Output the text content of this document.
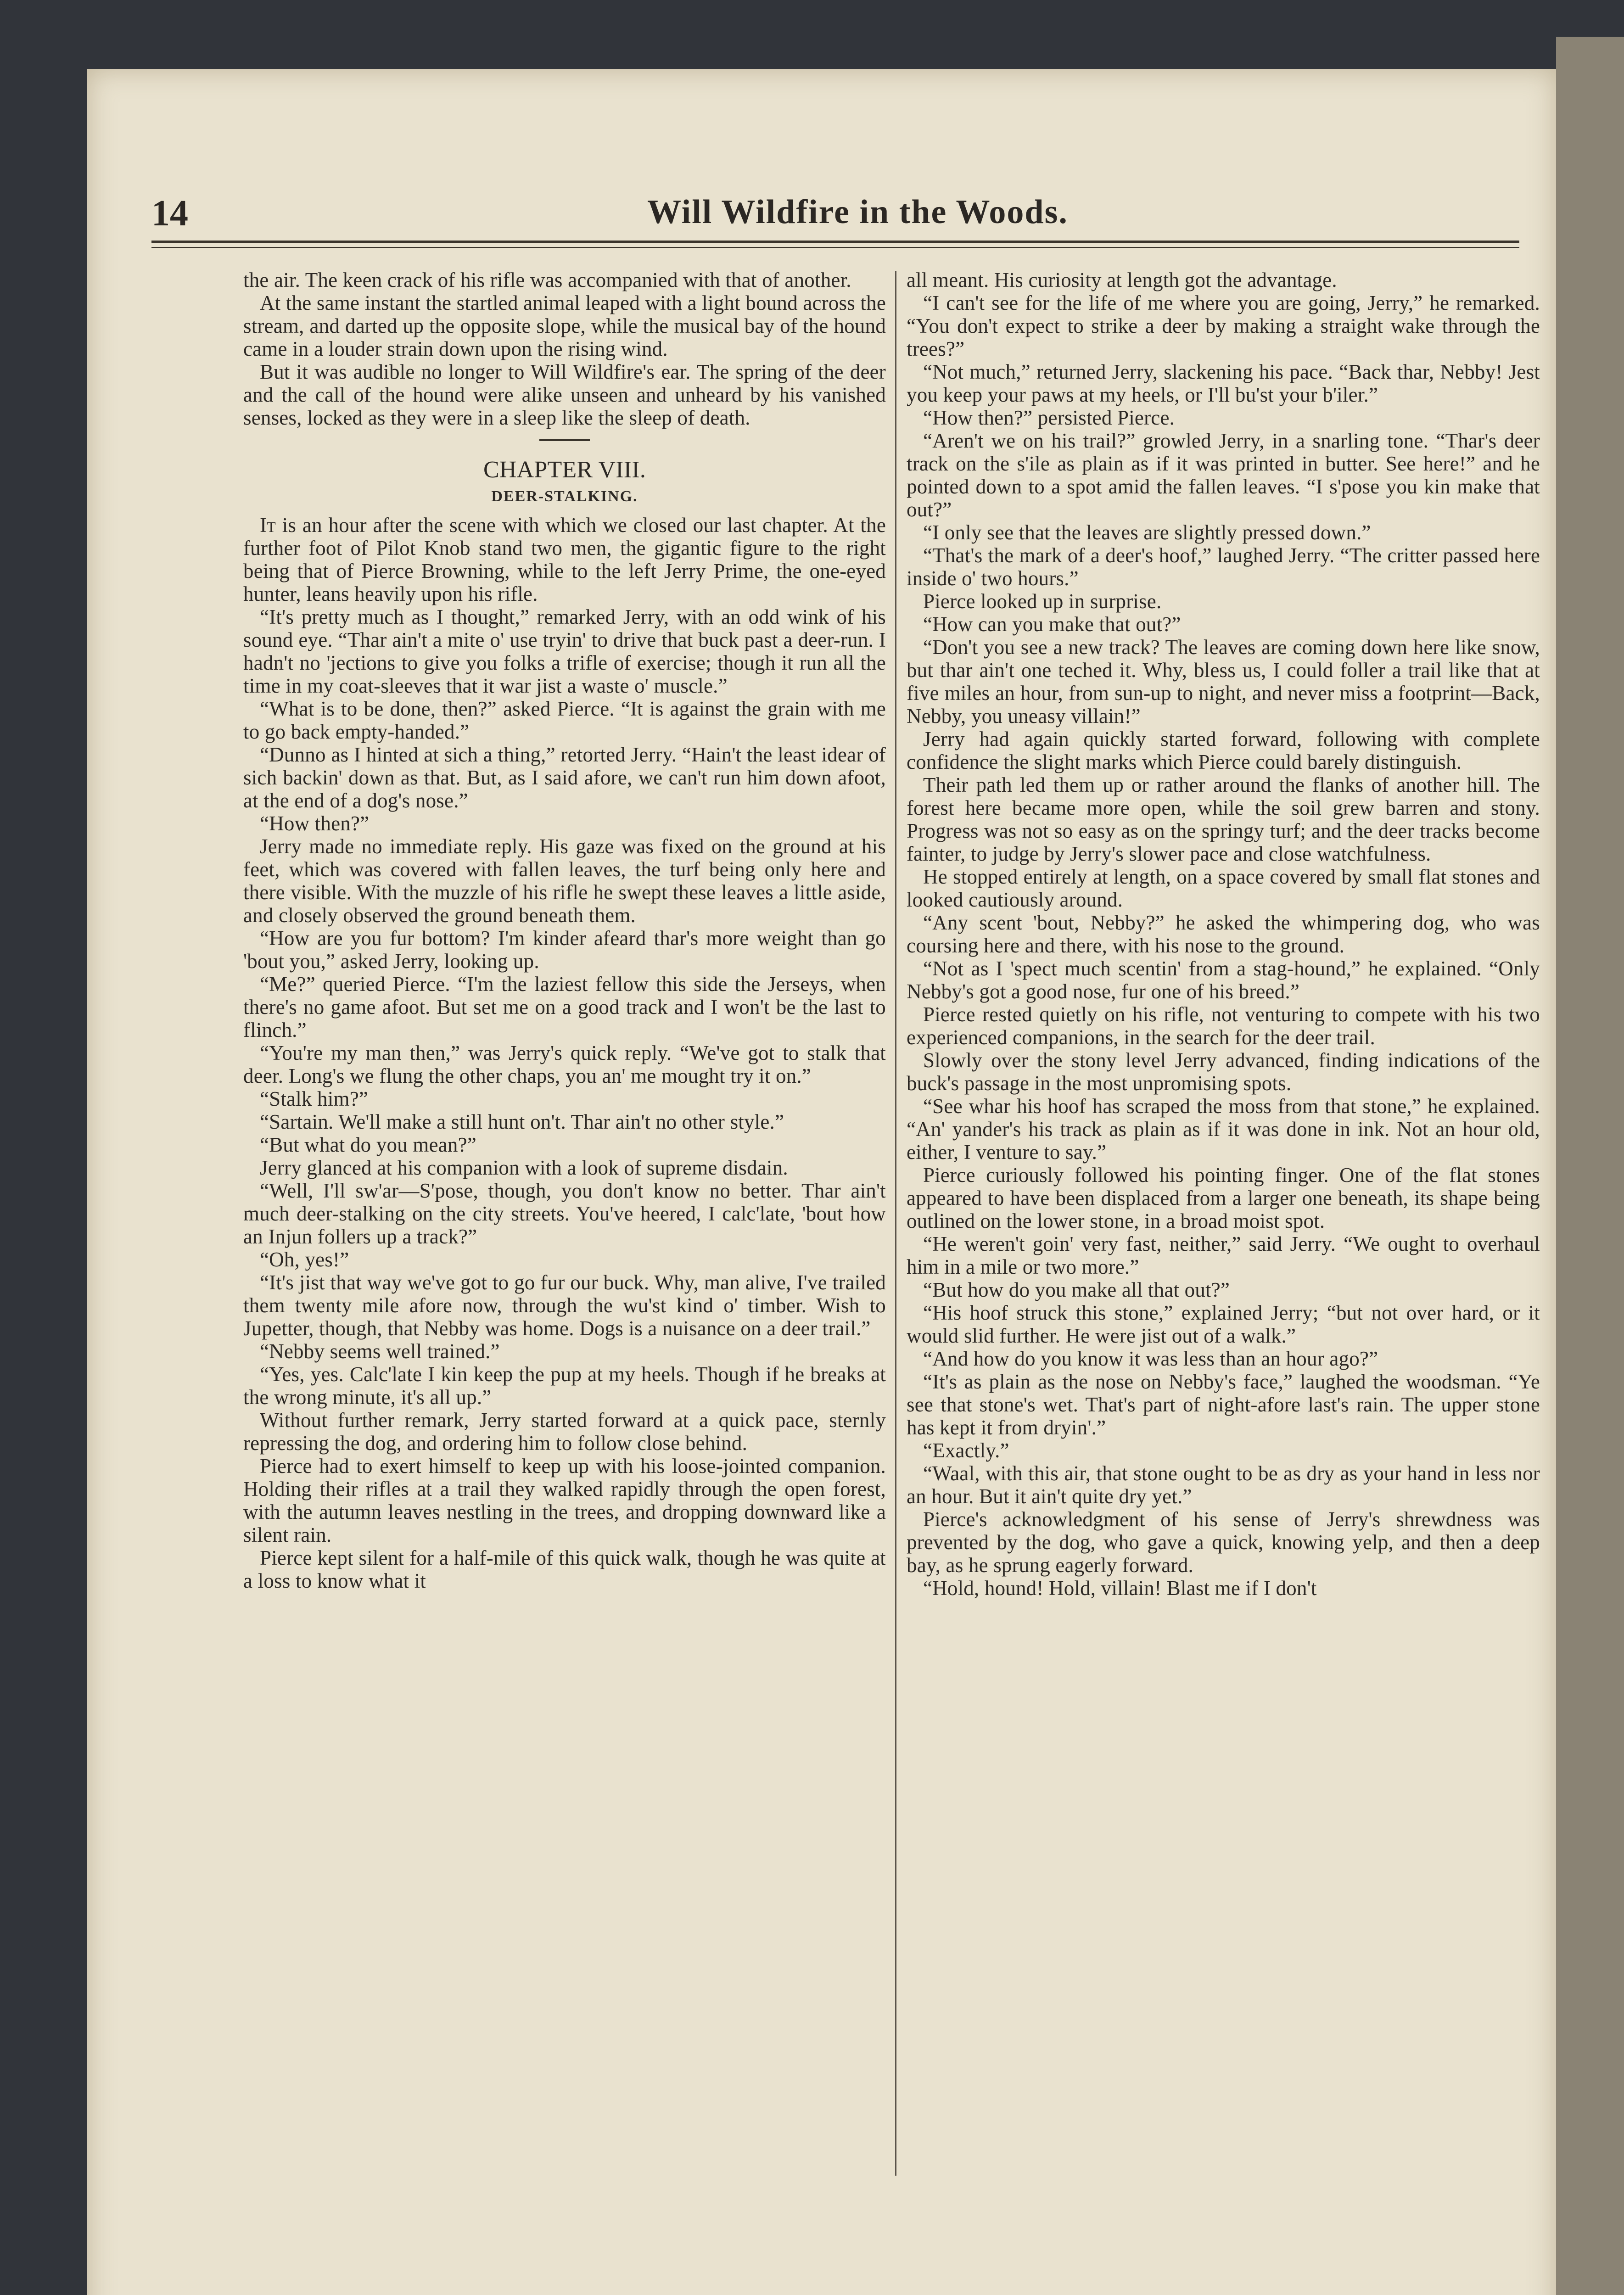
14	Will Wildfire in the Woods.

the air. The keen crack of his rifle was accompanied with that of another.

At the same instant the startled animal leaped with a light bound across the stream, and darted up the opposite slope, while the musical bay of the hound came in a louder strain down upon the rising wind.

But it was audible no longer to Will Wildfire's ear. The spring of the deer and the call of the hound were alike unseen and unheard by his vanished senses, locked as they were in a sleep like the sleep of death.

CHAPTER VIII.
DEER-STALKING.

It is an hour after the scene with which we closed our last chapter. At the further foot of Pilot Knob stand two men, the gigantic figure to the right being that of Pierce Browning, while to the left Jerry Prime, the one-eyed hunter, leans heavily upon his rifle.

“It's pretty much as I thought,” remarked Jerry, with an odd wink of his sound eye. “Thar ain't a mite o' use tryin' to drive that buck past a deer-run. I hadn't no 'jections to give you folks a trifle of exercise; though it run all the time in my coat-sleeves that it war jist a waste o' muscle.”

“What is to be done, then?” asked Pierce. “It is against the grain with me to go back empty-handed.”

“Dunno as I hinted at sich a thing,” retorted Jerry. “Hain't the least idear of sich backin' down as that. But, as I said afore, we can't run him down afoot, at the end of a dog's nose.”

“How then?”

Jerry made no immediate reply. His gaze was fixed on the ground at his feet, which was covered with fallen leaves, the turf being only here and there visible. With the muzzle of his rifle he swept these leaves a little aside, and closely observed the ground beneath them.

“How are you fur bottom? I'm kinder afeard thar's more weight than go 'bout you,” asked Jerry, looking up.

“Me?” queried Pierce. “I'm the laziest fellow this side the Jerseys, when there's no game afoot. But set me on a good track and I won't be the last to flinch.”

“You're my man then,” was Jerry's quick reply. “We've got to stalk that deer. Long's we flung the other chaps, you an' me mought try it on.”

“Stalk him?”

“Sartain. We'll make a still hunt on't. Thar ain't no other style.”

“But what do you mean?”

Jerry glanced at his companion with a look of supreme disdain.

“Well, I'll sw'ar—S'pose, though, you don't know no better. Thar ain't much deer-stalking on the city streets. You've heered, I calc'late, 'bout how an Injun follers up a track?”

“Oh, yes!”

“It's jist that way we've got to go fur our buck. Why, man alive, I've trailed them twenty mile afore now, through the wu'st kind o' timber. Wish to Jupetter, though, that Nebby was home. Dogs is a nuisance on a deer trail.”

“Nebby seems well trained.”

“Yes, yes. Calc'late I kin keep the pup at my heels. Though if he breaks at the wrong minute, it's all up.”

Without further remark, Jerry started forward at a quick pace, sternly repressing the dog, and ordering him to follow close behind.

Pierce had to exert himself to keep up with his loose-jointed companion. Holding their rifles at a trail they walked rapidly through the open forest, with the autumn leaves nestling in the trees, and dropping downward like a silent rain.

Pierce kept silent for a half-mile of this quick walk, though he was quite at a loss to know what it

all meant. His curiosity at length got the advantage.

“I can't see for the life of me where you are going, Jerry,” he remarked. “You don't expect to strike a deer by making a straight wake through the trees?”

“Not much,” returned Jerry, slackening his pace. “Back thar, Nebby! Jest you keep your paws at my heels, or I'll bu'st your b'iler.”

“How then?” persisted Pierce.

“Aren't we on his trail?” growled Jerry, in a snarling tone. “Thar's deer track on the s'ile as plain as if it was printed in butter. See here!” and he pointed down to a spot amid the fallen leaves. “I s'pose you kin make that out?”

“I only see that the leaves are slightly pressed down.”

“That's the mark of a deer's hoof,” laughed Jerry. “The critter passed here inside o' two hours.”

Pierce looked up in surprise.

“How can you make that out?”

“Don't you see a new track? The leaves are coming down here like snow, but thar ain't one teched it. Why, bless us, I could foller a trail like that at five miles an hour, from sun-up to night, and never miss a footprint—Back, Nebby, you uneasy villain!”

Jerry had again quickly started forward, following with complete confidence the slight marks which Pierce could barely distinguish.

Their path led them up or rather around the flanks of another hill. The forest here became more open, while the soil grew barren and stony. Progress was not so easy as on the springy turf; and the deer tracks become fainter, to judge by Jerry's slower pace and close watchfulness.

He stopped entirely at length, on a space covered by small flat stones and looked cautiously around.

“Any scent 'bout, Nebby?” he asked the whimpering dog, who was coursing here and there, with his nose to the ground.

“Not as I 'spect much scentin' from a stag-hound,” he explained. “Only Nebby's got a good nose, fur one of his breed.”

Pierce rested quietly on his rifle, not venturing to compete with his two experienced companions, in the search for the deer trail.

Slowly over the stony level Jerry advanced, finding indications of the buck's passage in the most unpromising spots.

“See whar his hoof has scraped the moss from that stone,” he explained. “An' yander's his track as plain as if it was done in ink. Not an hour old, either, I venture to say.”

Pierce curiously followed his pointing finger. One of the flat stones appeared to have been displaced from a larger one beneath, its shape being outlined on the lower stone, in a broad moist spot.

“He weren't goin' very fast, neither,” said Jerry. “We ought to overhaul him in a mile or two more.”

“But how do you make all that out?”

“His hoof struck this stone,” explained Jerry; “but not over hard, or it would slid further. He were jist out of a walk.”

“And how do you know it was less than an hour ago?”

“It's as plain as the nose on Nebby's face,” laughed the woodsman. “Ye see that stone's wet. That's part of night-afore last's rain. The upper stone has kept it from dryin'.”

“Exactly.”

“Waal, with this air, that stone ought to be as dry as your hand in less nor an hour. But it ain't quite dry yet.”

Pierce's acknowledgment of his sense of Jerry's shrewdness was prevented by the dog, who gave a quick, knowing yelp, and then a deep bay, as he sprung eagerly forward.

“Hold, hound! Hold, villain! Blast me if I don't
